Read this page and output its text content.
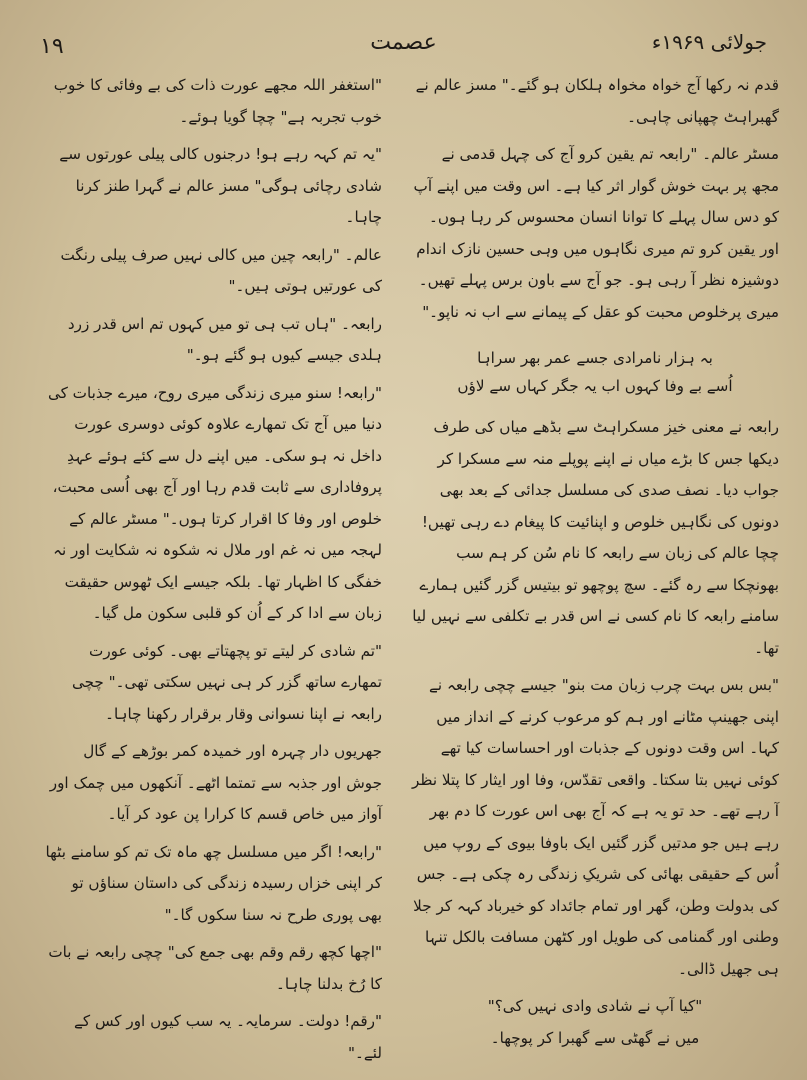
١٩	عصمت	جولائی ۱۹۶۹ء

قدم نہ رکھا آج خواہ مخواہ ہلکان ہو گئے۔" مسز عالم نے گھبراہٹ چھپانی چاہی۔

مسٹر عالم۔ "رابعہ تم یقین کرو آج کی چہل قدمی نے مجھ پر بہت خوش گوار اثر کیا ہے۔ اس وقت میں اپنے آپ کو دس سال پہلے کا توانا انسان محسوس کر رہا ہوں۔ اور یقین کرو تم میری نگاہوں میں وہی حسین نازک اندام دوشیزہ نظر آ رہی ہو۔ جو آج سے باون برس پہلے تھیں۔ میری پرخلوص محبت کو عقل کے پیمانے سے اب نہ ناپو۔"

بہ ہزار نامرادی جسے عمر بھر سراہا
اُسے بے وفا کہوں اب یہ جگر کہاں سے لاؤں

رابعہ نے معنی خیز مسکراہٹ سے بڈھے میاں کی طرف دیکھا جس کا بڑے میاں نے اپنے پوپلے منہ سے مسکرا کر جواب دیا۔ نصف صدی کی مسلسل جدائی کے بعد بھی دونوں کی نگاہیں خلوص و اپنائیت کا پیغام دے رہی تھیں! چچا عالم کی زبان سے رابعہ کا نام سُن کر ہم سب بھونچکا سے رہ گئے۔ سچ پوچھو تو بیتیس گزر گئیں ہمارے سامنے رابعہ کا نام کسی نے اس قدر بے تکلفی سے نہیں لیا تھا۔

"بس بس بہت چرب زبان مت بنو" جیسے چچی رابعہ نے اپنی جھینپ مٹانے اور ہم کو مرعوب کرنے کے انداز میں کہا۔ اس وقت دونوں کے جذبات اور احساسات کیا تھے کوئی نہیں بتا سکتا۔ واقعی تقدّس، وفا اور ایثار کا پتلا نظر آ رہے تھے۔ حد تو یہ ہے کہ آج بھی اس عورت کا دم بھر رہے ہیں جو مدتیں گزر گئیں ایک باوفا بیوی کے روپ میں اُس کے حقیقی بھائی کی شریکِ زندگی رہ چکی ہے۔ جس کی بدولت وطن، گھر اور تمام جائداد کو خیرباد کہہ کر جلا وطنی اور گمنامی کی طویل اور کٹھن مسافت بالکل تنہا ہی جھیل ڈالی۔

"کیا آپ نے شادی وادی نہیں کی؟"

میں نے گھٹی سے گھبرا کر پوچھا۔

"استغفر اللہ مجھے عورت ذات کی بے وفائی کا خوب خوب تجربہ ہے" چچا گویا ہوئے۔

"یہ تم کہہ رہے ہو! درجنوں کالی پیلی عورتوں سے شادی رچائی ہوگی" مسز عالم نے گہرا طنز کرنا چاہا۔

عالم۔ "رابعہ چین میں کالی نہیں صرف پیلی رنگت کی عورتیں ہوتی ہیں۔"

رابعہ۔ "ہاں تب ہی تو میں کہوں تم اس قدر زرد ہلدی جیسے کیوں ہو گئے ہو۔"

"رابعہ! سنو میری زندگی میری روح، میرے جذبات کی دنیا میں آج تک تمھارے علاوہ کوئی دوسری عورت داخل نہ ہو سکی۔ میں اپنے دل سے کئے ہوئے عہدِ پروفاداری سے ثابت قدم رہا اور آج بھی اُسی محبت، خلوص اور وفا کا اقرار کرتا ہوں۔" مسٹر عالم کے لہجہ میں نہ غم اور ملال نہ شکوہ نہ شکایت اور نہ خفگی کا اظہار تھا۔ بلکہ جیسے ایک ٹھوس حقیقت زبان سے ادا کر کے اُن کو قلبی سکون مل گیا۔

"تم شادی کر لیتے تو پچھتاتے بھی۔ کوئی عورت تمھارے ساتھ گزر کر ہی نہیں سکتی تھی۔" چچی رابعہ نے اپنا نسوانی وقار برقرار رکھنا چاہا۔

جھریوں دار چہرہ اور خمیدہ کمر بوڑھے کے گال جوش اور جذبہ سے تمتما اٹھے۔ آنکھوں میں چمک اور آواز میں خاص قسم کا کرارا پن عود کر آیا۔

"رابعہ! اگر میں مسلسل چھ ماہ تک تم کو سامنے بٹھا کر اپنی خزاں رسیدہ زندگی کی داستان سناؤں تو بھی پوری طرح نہ سنا سکوں گا۔"

"اچھا کچھ رقم وقم بھی جمع کی" چچی رابعہ نے بات کا رُخ بدلنا چاہا۔

"رقم! دولت۔ سرمایہ۔ یہ سب کیوں اور کس کے لئے۔"
